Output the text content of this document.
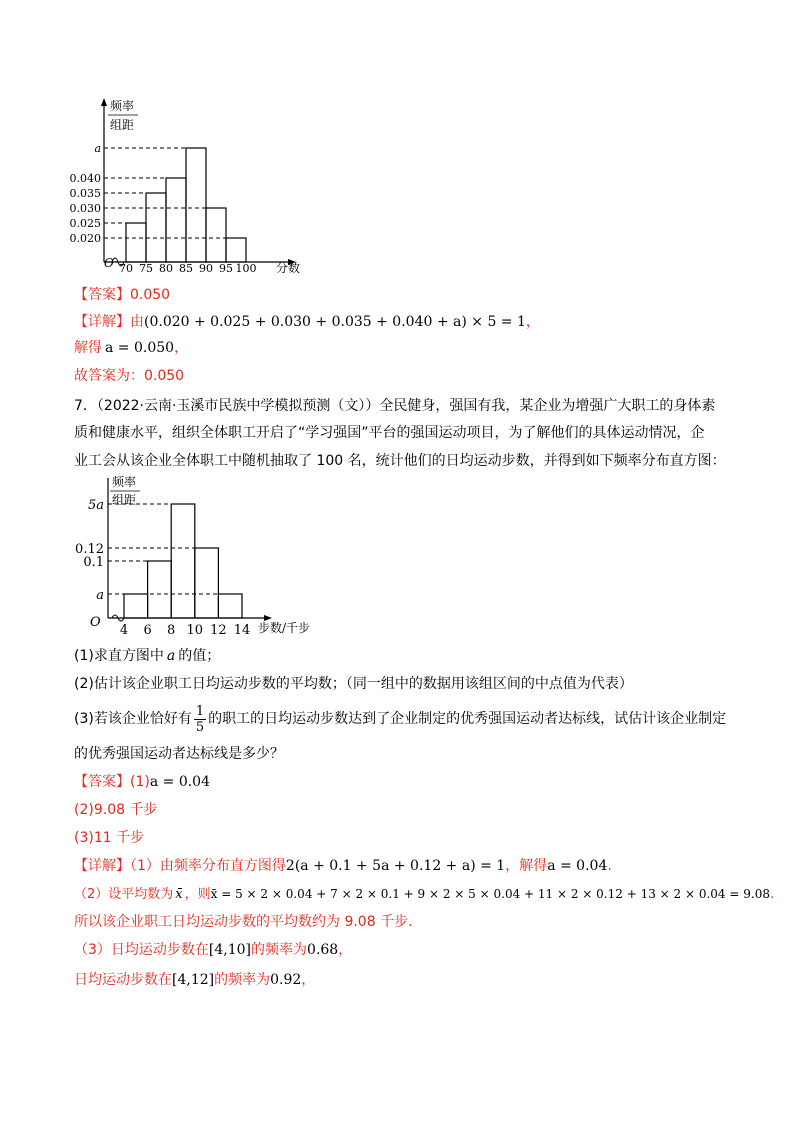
0.020
0.025
0.030
0.035
0.040
a
70 75 80 85 90 95 100
频率
组距
O	分数
【答案】0.050
【详解】由(0.020 + 0.025 + 0.030 + 0.035 + 0.040 + a) × 5 = 1，
解得 a = 0.050，
故答案为：0.050
7．（2022·云南·玉溪市民族中学模拟预测（文））全民健身，强国有我，某企业为增强广大职工的身体素
质和健康水平，组织全体职工开启了“学习强国”平台的强国运动项目，为了解他们的具体运动情况，企
业工会从该企业全体职工中随机抽取了 100 名，统计他们的日均运动步数，并得到如下频率分布直方图：
a
0.1
0.12
5a
4 6 8 10 12 14
频率
组距
O	步数/千步
(1)求直方图中 a 的值；
(2)估计该企业职工日均运动步数的平均数；（同一组中的数据用该组区间的中点值为代表）
(3)若该企业恰好有 $\frac{1}{5}$ 的职工的日均运动步数达到了企业制定的优秀强国运动者达标线，试估计该企业制定
的优秀强国运动者达标线是多少？
【答案】(1)a = 0.04
(2)9.08 千步
(3)11 千步
【详解】（1）由频率分布直方图得2(a + 0.1 + 5a + 0.12 + a) = 1，解得a = 0.04.
（2）设平均数为 x̄ ，则x̄ = 5 × 2 × 0.04 + 7 × 2 × 0.1 + 9 × 2 × 5 × 0.04 + 11 × 2 × 0.12 + 13 × 2 × 0.04 = 9.08.
所以该企业职工日均运动步数的平均数约为 9.08 千步.
（3）日均运动步数在[4,10]的频率为0.68，
日均运动步数在[4,12]的频率为0.92，
